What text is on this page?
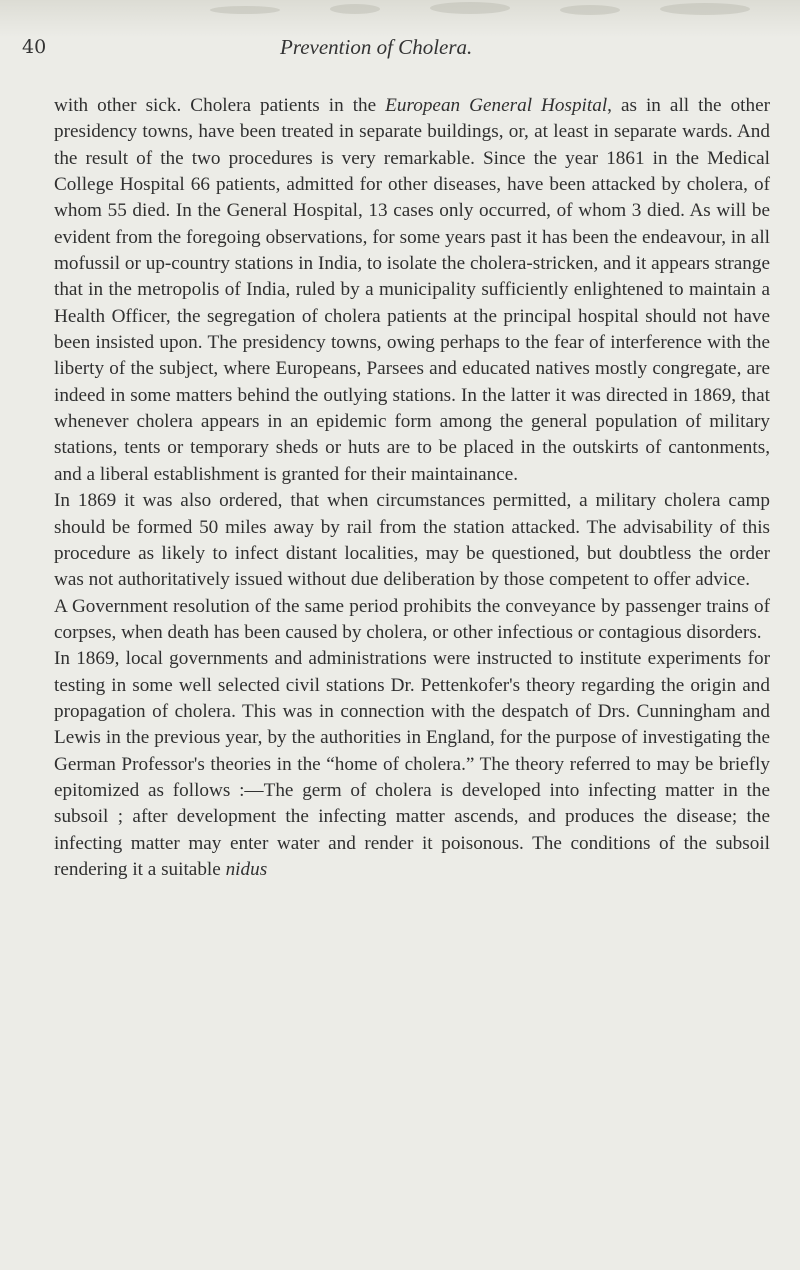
40	Prevention of Cholera.

with other sick. Cholera patients in the European General Hospital, as in all the other presidency towns, have been treated in separate buildings, or, at least in separate wards. And the result of the two procedures is very remarkable. Since the year 1861 in the Medical College Hospital 66 patients, admitted for other diseases, have been attacked by cholera, of whom 55 died. In the General Hospital, 13 cases only occurred, of whom 3 died. As will be evident from the foregoing observations, for some years past it has been the endeavour, in all mofussil or up-country stations in India, to isolate the cholera-stricken, and it appears strange that in the metropolis of India, ruled by a municipality sufficiently enlightened to maintain a Health Officer, the segregation of cholera patients at the principal hospital should not have been insisted upon. The presidency towns, owing perhaps to the fear of interference with the liberty of the subject, where Europeans, Parsees and educated natives mostly congregate, are indeed in some matters behind the outlying stations. In the latter it was directed in 1869, that whenever cholera appears in an epidemic form among the general population of military stations, tents or temporary sheds or huts are to be placed in the outskirts of cantonments, and a liberal establishment is granted for their maintainance.

In 1869 it was also ordered, that when circumstances permitted, a military cholera camp should be formed 50 miles away by rail from the station attacked. The advisability of this procedure as likely to infect distant localities, may be questioned, but doubtless the order was not authoritatively issued without due deliberation by those competent to offer advice.

A Government resolution of the same period prohibits the conveyance by passenger trains of corpses, when death has been caused by cholera, or other infectious or contagious disorders.

In 1869, local governments and administrations were instructed to institute experiments for testing in some well selected civil stations Dr. Pettenkofer's theory regarding the origin and propagation of cholera. This was in connection with the despatch of Drs. Cunningham and Lewis in the previous year, by the authorities in England, for the purpose of investigating the German Professor's theories in the “home of cholera.” The theory referred to may be briefly epitomized as follows :—The germ of cholera is developed into infecting matter in the subsoil ; after development the infecting matter ascends, and produces the disease; the infecting matter may enter water and render it poisonous. The conditions of the subsoil rendering it a suitable nidus
